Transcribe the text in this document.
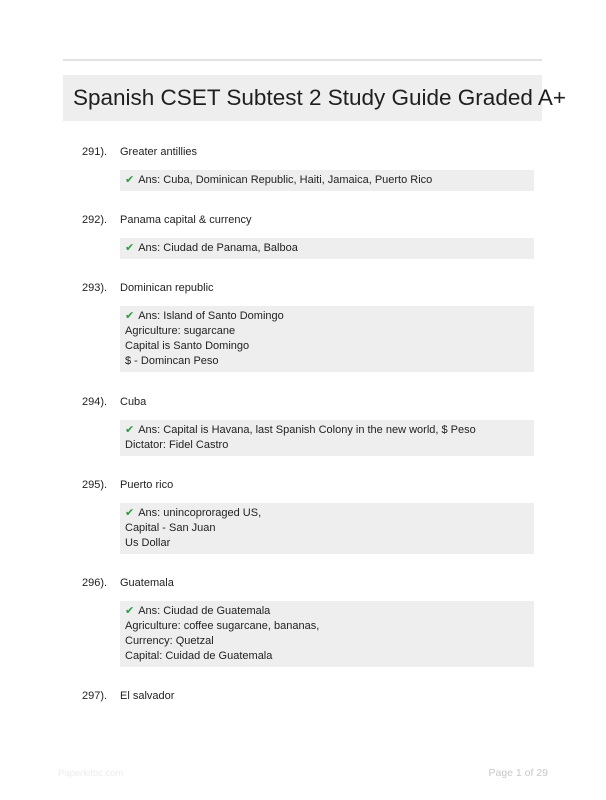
Spanish CSET Subtest 2 Study Guide Graded A+
291). Greater antillies
✔ Ans: Cuba, Dominican Republic, Haiti, Jamaica, Puerto Rico
292). Panama capital & currency
✔ Ans: Ciudad de Panama, Balboa
293). Dominican republic
✔ Ans: Island of Santo Domingo
Agriculture: sugarcane
Capital is Santo Domingo
$ - Domincan Peso
294). Cuba
✔ Ans: Capital is Havana, last Spanish Colony in the new world, $ Peso
Dictator: Fidel Castro
295). Puerto rico
✔ Ans: unincoproraged US,
Capital - San Juan
Us Dollar
296). Guatemala
✔ Ans: Ciudad de Guatemala
Agriculture: coffee sugarcane, bananas,
Currency: Quetzal
Capital: Cuidad de Guatemala
297). El salvador
Paperkitbc.com	Page 1 of 29
